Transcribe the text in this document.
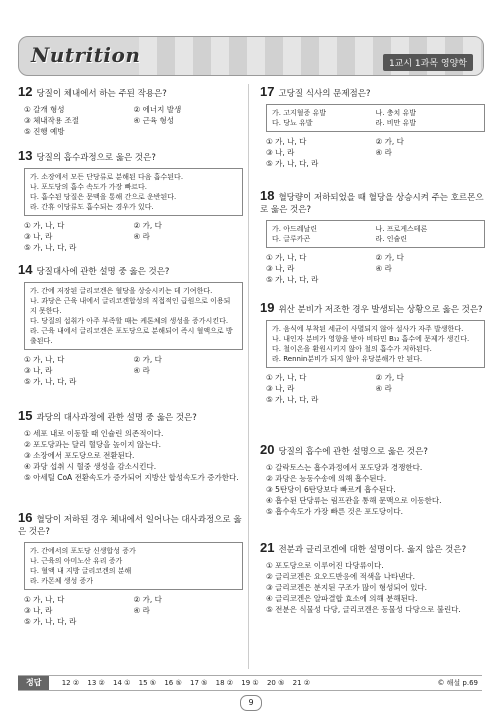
Nutrition	1교시 1과목 영양학
12 당질이 체내에서 하는 주된 작용은?
① 갈개 형성	② 에너지 발생
③ 체내작용 조절	④ 근육 형성
⑤ 진행 예방
13 당질의 흡수과정으로 옳은 것은?
가. 소장에서 모든 단당류로 분해된 다음 흡수된다.
나. 포도당의 흡수 속도가 가장 빠르다.
다. 흡수된 당질은 문맥을 통해 간으로 운반된다.
라. 간휴 이당류도 흡수되는 경우가 있다.
① 가, 나, 다	② 가, 다
③ 나, 라	④ 라
⑤ 가, 나, 다, 라
14 당질대사에 관한 설명 중 옳은 것은?
가. 간에 저장된 글리코겐은 혈당을 상승시키는 데 기여한다.
나. 과당은 근육 내에서 글리코겐합성의 직접적인 급원으로 이용되지 못한다.
다. 당질의 섭취가 아주 부족할 때는 케톤체의 생성을 증가시킨다.
라. 근육 내에서 글리코겐은 포도당으로 분해되어 즉시 혈액으로 방출된다.
① 가, 나, 다	② 가, 다
③ 나, 라	④ 라
⑤ 가, 나, 다, 라
15 과당의 대사과정에 관한 설명 중 옳은 것은?
① 세포 내로 이동할 때 인슐린 의존적이다.
② 포도당과는 달리 혈당을 높이지 않는다.
③ 소장에서 포도당으로 전환된다.
④ 과당 섭취 시 혈중 생성을 감소시킨다.
⑤ 아세틸 CoA 전환속도가 증가되어 지방산 합성속도가 증가한다.
16 혈당이 저하된 경우 체내에서 일어나는 대사과정으로 옳은 것은?
가. 간에서의 포도당 신생합성 증가
나. 근육의 아미노산 유리 증가
다. 혈액 내 지방 글리코겐의 분해
라. 카몬체 생성 증가
① 가, 나, 다	② 가, 다
③ 나, 라	④ 라
⑤ 가, 나, 다, 라
17 고당질 식사의 문제점은?
가. 고지혈증 유발	나. 충치 유발
다. 당뇨 유발	라. 비만 유발
① 가, 나, 다	② 가, 다
③ 나, 라	④ 라
⑤ 가, 나, 다, 라
18 혈당량이 저하되었을 때 혈당을 상승시켜 주는 호르몬으로 옳은 것은?
가. 아드레날린	나. 프로게스테론
다. 글루카곤	라. 인슐린
① 가, 나, 다	② 가, 다
③ 나, 라	④ 라
⑤ 가, 나, 다, 라
19 위산 분비가 저조한 경우 발생되는 상황으로 옳은 것은?
가. 음식에 부착된 세균이 사멸되지 않아 설사가 자주 발생한다.
나. 내인자 분비가 영향을 받아 비타민 B₁₂ 흡수에 문제가 생긴다.
다. 철이온을 환원시키지 않아 철의 흡수가 저하된다.
라. Rennin분비가 되지 않아 유당분해가 안 된다.
① 가, 나, 다	② 가, 다
③ 나, 라	④ 라
⑤ 가, 나, 다, 라
20 당질의 흡수에 관한 설명으로 옳은 것은?
① 갈락토스는 흡수과정에서 포도당과 경쟁한다.
② 과당은 능동수송에 의해 흡수된다.
③ 5탄당이 6탄당보다 빠르게 흡수된다.
④ 흡수된 단당류는 림프관을 통해 문맥으로 이동한다.
⑤ 흡수속도가 가장 빠른 것은 포도당이다.
21 전분과 글리코겐에 대한 설명이다. 옳지 않은 것은?
① 포도당으로 이루어진 다당류이다.
② 글리코겐은 요오드반응에 적색을 나타낸다.
③ 글리코겐은 분지된 구조가 많이 형성되어 있다.
④ 글리코겐은 알파결합 효소에 의해 분해된다.
⑤ 전분은 식물성 다당, 글리코겐은 동물성 다당으로 불린다.
정답	12 ② 13 ② 14 ① 15 ⑤ 16 ⑤ 17 ⑤ 18 ② 19 ① 20 ⑤ 21 ②	© 해설 p.69
9
